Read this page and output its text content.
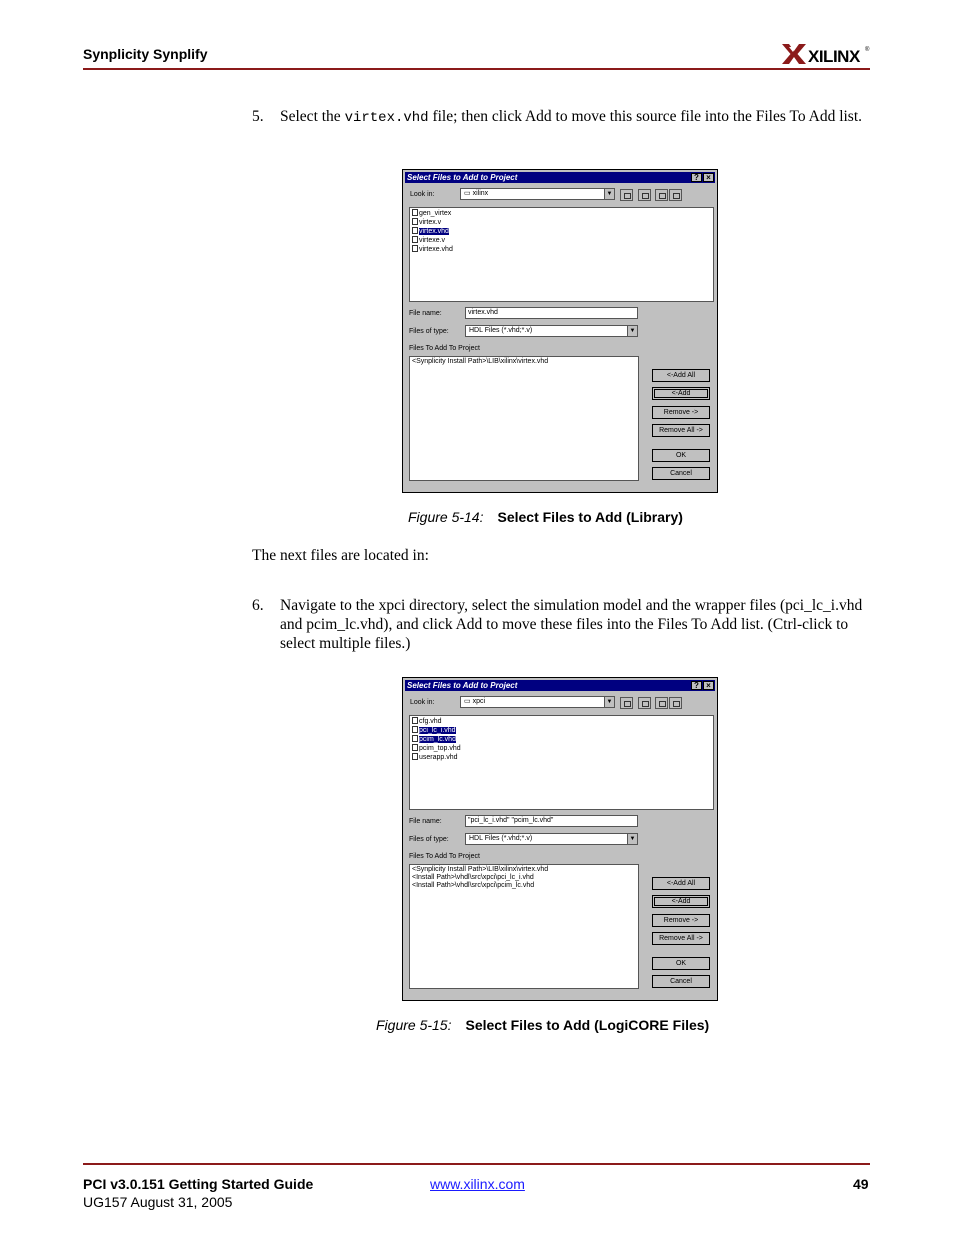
Synplicity Synplify	XILINX ®
5. Select the virtex.vhd file; then click Add to move this source file into the Files To Add list.
Select Files to Add to Project	? ×
Look in:	▭ xilinx	▼
gen_virtex
virtex.v
virtex.vhd
virtexe.v
virtexe.vhd
File name:	virtex.vhd
Files of type:	HDL Files (*.vhd;*.v)	▼
Files To Add To Project
<Synplicity Install Path>\LIB\xilinx\virtex.vhd
<-Add All
<-Add
Remove ->
Remove All ->
OK
Cancel
Figure 5-14: Select Files to Add (Library)
The next files are located in:
6. Navigate to the xpci directory, select the simulation model and the wrapper files (pci_lc_i.vhd and pcim_lc.vhd), and click Add to move these files into the Files To Add list. (Ctrl-click to select multiple files.)
Select Files to Add to Project	? ×
Look in:	▭ xpci	▼
cfg.vhd
pci_lc_i.vhd
pcim_lc.vhd
pcim_top.vhd
userapp.vhd
File name:	"pci_lc_i.vhd" "pcim_lc.vhd"
Files of type:	HDL Files (*.vhd;*.v)	▼
Files To Add To Project
<Synplicity Install Path>\LIB\xilinx\virtex.vhd
<Install Path>\vhdl\src\xpci\pci_lc_i.vhd
<Install Path>\vhdl\src\xpci\pcim_lc.vhd	<-Add All
<-Add
Remove ->
Remove All ->
OK
Cancel
Figure 5-15: Select Files to Add (LogiCORE Files)
PCI v3.0.151 Getting Started Guide
UG157 August 31, 2005
www.xilinx.com	49
